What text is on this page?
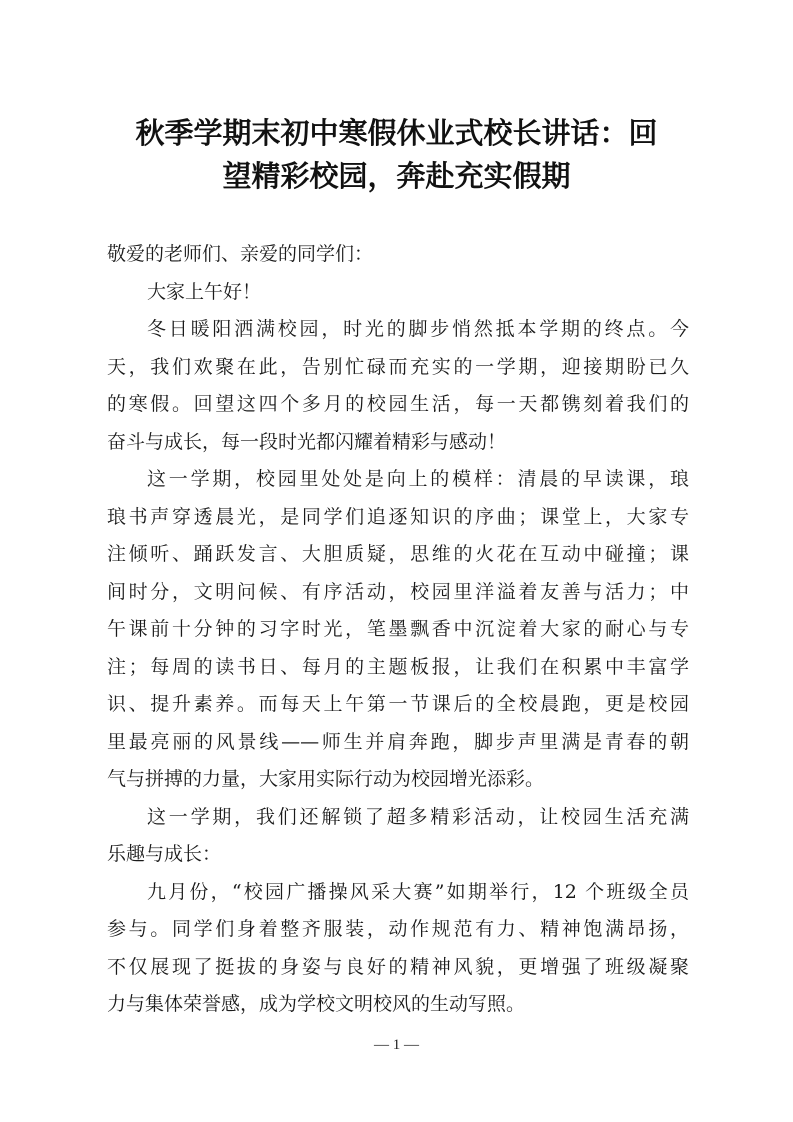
秋季学期末初中寒假休业式校长讲话：回
望精彩校园，奔赴充实假期
敬爱的老师们、亲爱的同学们：
大家上午好！
冬日暖阳洒满校园，时光的脚步悄然抵本学期的终点。今
天，我们欢聚在此，告别忙碌而充实的一学期，迎接期盼已久
的寒假。回望这四个多月的校园生活，每一天都镌刻着我们的
奋斗与成长，每一段时光都闪耀着精彩与感动！
这一学期，校园里处处是向上的模样：清晨的早读课，琅
琅书声穿透晨光，是同学们追逐知识的序曲；课堂上，大家专
注倾听、踊跃发言、大胆质疑，思维的火花在互动中碰撞；课
间时分，文明问候、有序活动，校园里洋溢着友善与活力；中
午课前十分钟的习字时光，笔墨飘香中沉淀着大家的耐心与专
注；每周的读书日、每月的主题板报，让我们在积累中丰富学
识、提升素养。而每天上午第一节课后的全校晨跑，更是校园
里最亮丽的风景线——师生并肩奔跑，脚步声里满是青春的朝
气与拼搏的力量，大家用实际行动为校园增光添彩。
这一学期，我们还解锁了超多精彩活动，让校园生活充满
乐趣与成长：
九月份，“校园广播操风采大赛”如期举行，12 个班级全员
参与。同学们身着整齐服装，动作规范有力、精神饱满昂扬，
不仅展现了挺拔的身姿与良好的精神风貌，更增强了班级凝聚
力与集体荣誉感，成为学校文明校风的生动写照。
— 1 —
